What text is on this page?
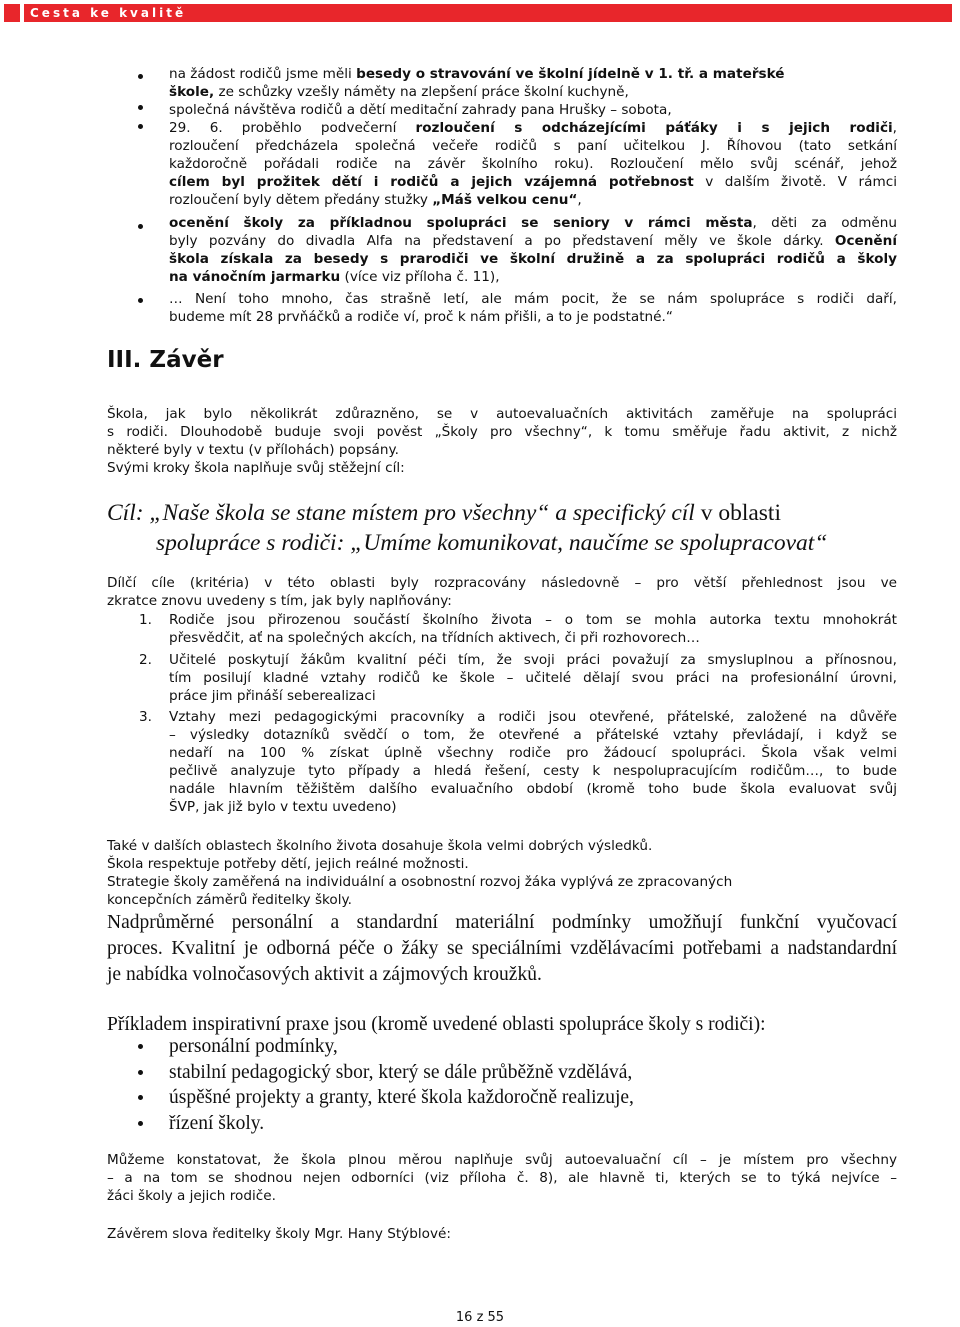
Cesta ke kvalitě
na žádost rodičů jsme měli besedy o stravování ve školní jídelně v 1. tř. a mateřské
škole, ze schůzky vzešly náměty na zlepšení práce školní kuchyně,
společná návštěva rodičů a dětí meditační zahrady pana Hrušky – sobota,
29. 6. proběhlo podvečerní rozloučení s odcházejícími páťáky i s jejich rodiči,
rozloučení předcházela společná večeře rodičů s paní učitelkou J. Říhovou (tato setkání
každoročně pořádali rodiče na závěr školního roku). Rozloučení mělo svůj scénář, jehož
cílem byl prožitek dětí i rodičů a jejich vzájemná potřebnost v dalším životě. V rámci
rozloučení byly dětem předány stužky „Máš velkou cenu“,
ocenění školy za příkladnou spolupráci se seniory v rámci města, děti za odměnu
byly pozvány do divadla Alfa na představení a po představení měly ve škole dárky. Ocenění
škola získala za besedy s prarodiči ve školní družině a za spolupráci rodičů a školy
na vánočním jarmarku (více viz příloha č. 11),
… Není toho mnoho, čas strašně letí, ale mám pocit, že se nám spolupráce s rodiči daří,
budeme mít 28 prvňáčků a rodiče ví, proč k nám přišli, a to je podstatné.“
III. Závěr
Škola, jak bylo několikrát zdůrazněno, se v autoevaluačních aktivitách zaměřuje na spolupráci
s rodiči. Dlouhodobě buduje svoji pověst „Školy pro všechny“, k tomu směřuje řadu aktivit, z nichž
některé byly v textu (v přílohách) popsány.
Svými kroky škola naplňuje svůj stěžejní cíl:
Cíl: „Naše škola se stane místem pro všechny“ a specifický cíl v oblasti
spolupráce s rodiči: „Umíme komunikovat, naučíme se spolupracovat“
Dílčí cíle (kritéria) v této oblasti byly rozpracovány následovně – pro větší přehlednost jsou ve
zkratce znovu uvedeny s tím, jak byly naplňovány:
1. Rodiče jsou přirozenou součástí školního života – o tom se mohla autorka textu mnohokrát
přesvědčit, ať na společných akcích, na třídních aktivech, či při rozhovorech…
2. Učitelé poskytují žákům kvalitní péči tím, že svoji práci považují za smysluplnou a přínosnou,
tím posilují kladné vztahy rodičů ke škole – učitelé dělají svou práci na profesionální úrovni,
práce jim přináší seberealizaci
3. Vztahy mezi pedagogickými pracovníky a rodiči jsou otevřené, přátelské, založené na důvěře
– výsledky dotazníků svědčí o tom, že otevřené a přátelské vztahy převládají, i když se
nedaří na 100 % získat úplně všechny rodiče pro žádoucí spolupráci. Škola však velmi
pečlivě analyzuje tyto případy a hledá řešení, cesty k nespolupracujícím rodičům…, to bude
nadále hlavním těžištěm dalšího evaluačního období (kromě toho bude škola evaluovat svůj
ŠVP, jak již bylo v textu uvedeno)
Také v dalších oblastech školního života dosahuje škola velmi dobrých výsledků.
Škola respektuje potřeby dětí, jejich reálné možnosti.
Strategie školy zaměřená na individuální a osobnostní rozvoj žáka vyplývá ze zpracovaných
koncepčních záměrů ředitelky školy.
Nadprůměrné personální a standardní materiální podmínky umožňují funkční vyučovací
proces. Kvalitní je odborná péče o žáky se speciálními vzdělávacími potřebami a nadstandardní
je nabídka volnočasových aktivit a zájmových kroužků.
Příkladem inspirativní praxe jsou (kromě uvedené oblasti spolupráce školy s rodiči):
personální podmínky,
stabilní pedagogický sbor, který se dále průběžně vzdělává,
úspěšné projekty a granty, které škola každoročně realizuje,
řízení školy.
Můžeme konstatovat, že škola plnou měrou naplňuje svůj autoevaluační cíl – je místem pro všechny
– a na tom se shodnou nejen odborníci (viz příloha č. 8), ale hlavně ti, kterých se to týká nejvíce –
žáci školy a jejich rodiče.
Závěrem slova ředitelky školy Mgr. Hany Stýblové:
16 z 55
